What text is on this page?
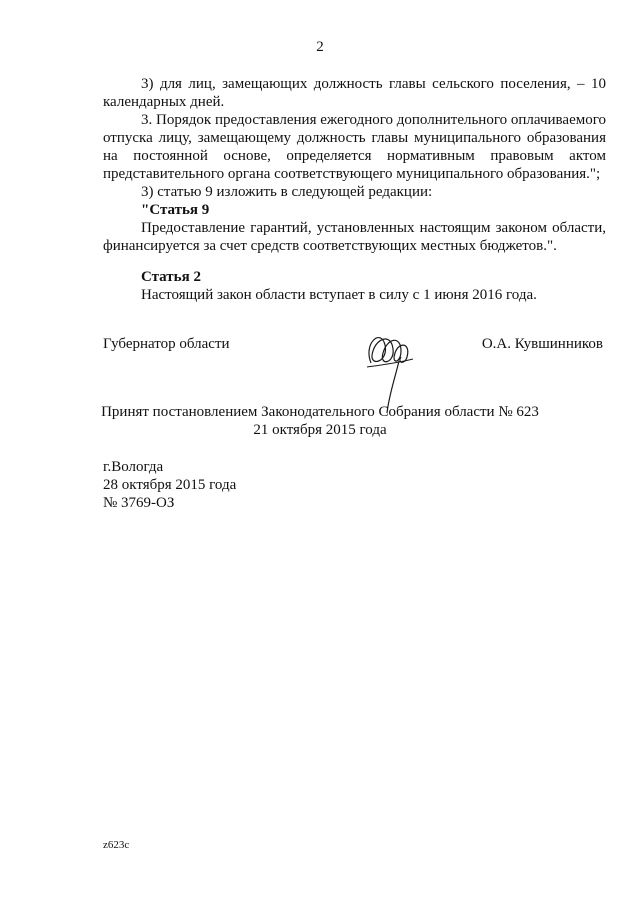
2

3) для лиц, замещающих должность главы сельского поселения, – 10 календарных дней.

3. Порядок предоставления ежегодного дополнительного оплачиваемого отпуска лицу, замещающему должность главы муниципального образования на постоянной основе, определяется нормативным правовым актом представительного органа соответствующего муниципального образования.";

3) статью 9 изложить в следующей редакции:

"Статья 9

Предоставление гарантий, установленных настоящим законом области, финансируется за счет средств соответствующих местных бюджетов.".

Статья 2
Настоящий закон области вступает в силу с 1 июня 2016 года.
Губернатор области	О.А. Кувшинников
Принят постановлением Законодательного Собрания области № 623
21 октября 2015 года
г.Вологда
28 октября 2015 года
№ 3769-ОЗ
z623c
